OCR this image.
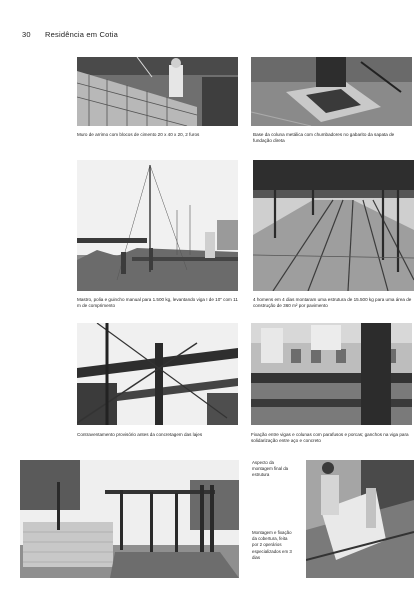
30 Residência em Cotia
Muro de arrimo com blocos de cimento 20 x 40 x 20, 2 furos	Base da coluna metálica com chumbadores no gabarito da sapata de fundação direta
Mastro, polia e guincho manual para 1.500 kg, levantando viga I de 10" com 11 m de comprimento
4 homens em 4 dias montaram uma estrutura de 15.500 kg para uma área de construção de 360 m² por pavimento
Contraventamento provisório antes da concretagem das lajes	Fixação entre vigas e colunas com parafusos e porcas; ganchos na viga para solidarização entre aço e concreto
Aspecto da montagem final da estrutura
Montagem e fixação da cobertura, feita por 2 operários especializados em 3 dias
